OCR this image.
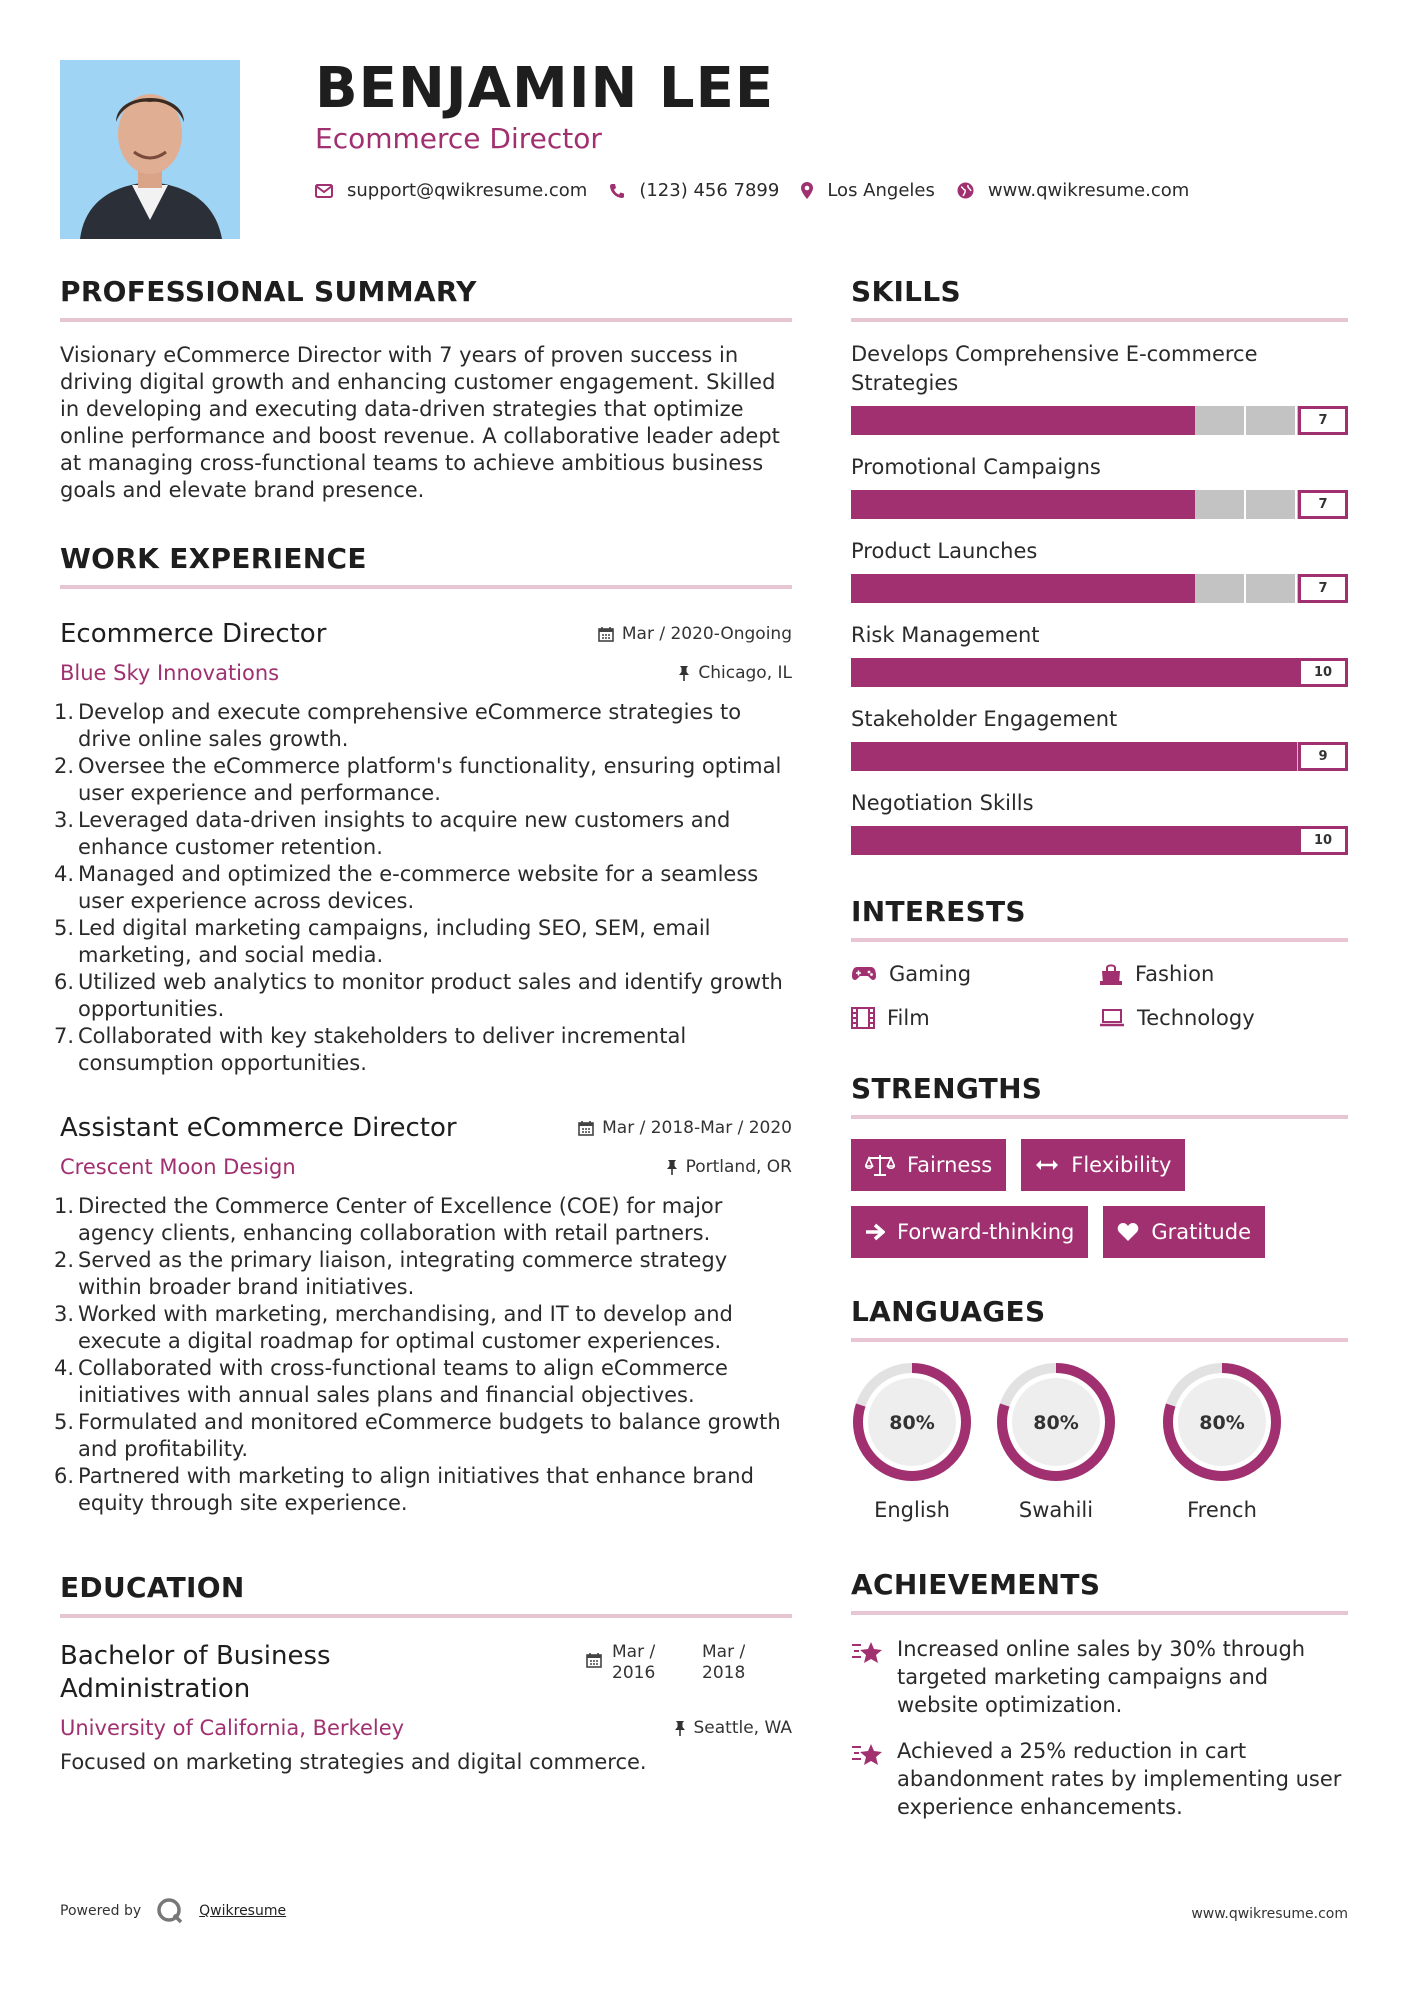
BENJAMIN LEE
Ecommerce Director
support@qwikresume.com	(123) 456 7899	Los Angeles	www.qwikresume.com
PROFESSIONAL SUMMARY
Visionary eCommerce Director with 7 years of proven success in driving digital growth and enhancing customer engagement. Skilled in developing and executing data-driven strategies that optimize online performance and boost revenue. A collaborative leader adept at managing cross-functional teams to achieve ambitious business goals and elevate brand presence.
WORK EXPERIENCE
Ecommerce Director	Mar / 2020-Ongoing
Blue Sky Innovations	Chicago, IL
1. Develop and execute comprehensive eCommerce strategies to drive online sales growth.
2. Oversee the eCommerce platform's functionality, ensuring optimal user experience and performance.
3. Leveraged data-driven insights to acquire new customers and enhance customer retention.
4. Managed and optimized the e-commerce website for a seamless user experience across devices.
5. Led digital marketing campaigns, including SEO, SEM, email marketing, and social media.
6. Utilized web analytics to monitor product sales and identify growth opportunities.
7. Collaborated with key stakeholders to deliver incremental consumption opportunities.
Assistant eCommerce Director	Mar / 2018-Mar / 2020
Crescent Moon Design	Portland, OR
1. Directed the Commerce Center of Excellence (COE) for major agency clients, enhancing collaboration with retail partners.
2. Served as the primary liaison, integrating commerce strategy within broader brand initiatives.
3. Worked with marketing, merchandising, and IT to develop and execute a digital roadmap for optimal customer experiences.
4. Collaborated with cross-functional teams to align eCommerce initiatives with annual sales plans and financial objectives.
5. Formulated and monitored eCommerce budgets to balance growth and profitability.
6. Partnered with marketing to align initiatives that enhance brand equity through site experience.
EDUCATION
Bachelor of Business Administration
Mar / 2016
Mar / 2018
University of California, Berkeley	Seattle, WA
Focused on marketing strategies and digital commerce.
SKILLS
Develops Comprehensive E-commerce Strategies
7
Promotional Campaigns
7
Product Launches
7
Risk Management
10
Stakeholder Engagement
9
Negotiation Skills
10
INTERESTS
Gaming	Fashion
Film	Technology
STRENGTHS
Fairness	Flexibility
Forward-thinking	Gratitude
LANGUAGES
80%
English
80%
Swahili
80%
French
ACHIEVEMENTS
Increased online sales by 30% through targeted marketing campaigns and website optimization.
Achieved a 25% reduction in cart abandonment rates by implementing user experience enhancements.
Powered by	Qwikresume	www.qwikresume.com
